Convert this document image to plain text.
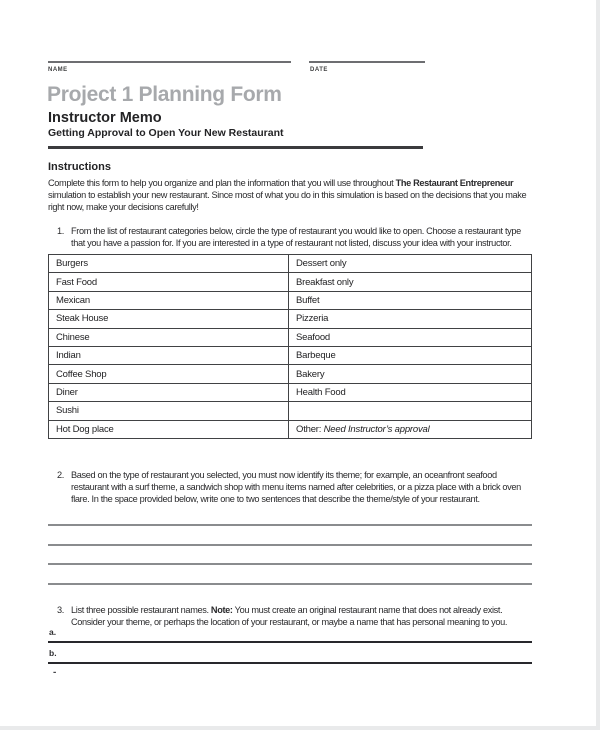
NAME	DATE
Project 1 Planning Form
Instructor Memo
Getting Approval to Open Your New Restaurant
Instructions
Complete this form to help you organize and plan the information that you will use throughout The Restaurant Entrepreneur
simulation to establish your new restaurant. Since most of what you do in this simulation is based on the decisions that you make
right now, make your decisions carefully!
1. From the list of restaurant categories below, circle the type of restaurant you would like to open. Choose a restaurant type
that you have a passion for. If you are interested in a type of restaurant not listed, discuss your idea with your instructor.
Burgers	Dessert only
Fast Food	Breakfast only
Mexican	Buffet
Steak House	Pizzeria
Chinese	Seafood
Indian	Barbeque
Coffee Shop	Bakery
Diner	Health Food
Sushi	
Hot Dog place	Other: Need Instructor’s approval
2. Based on the type of restaurant you selected, you must now identify its theme; for example, an oceanfront seafood
restaurant with a surf theme, a sandwich shop with menu items named after celebrities, or a pizza place with a brick oven
flare. In the space provided below, write one to two sentences that describe the theme/style of your restaurant.
3. List three possible restaurant names. Note: You must create an original restaurant name that does not already exist.
Consider your theme, or perhaps the location of your restaurant, or maybe a name that has personal meaning to you.
a.
b.
-
